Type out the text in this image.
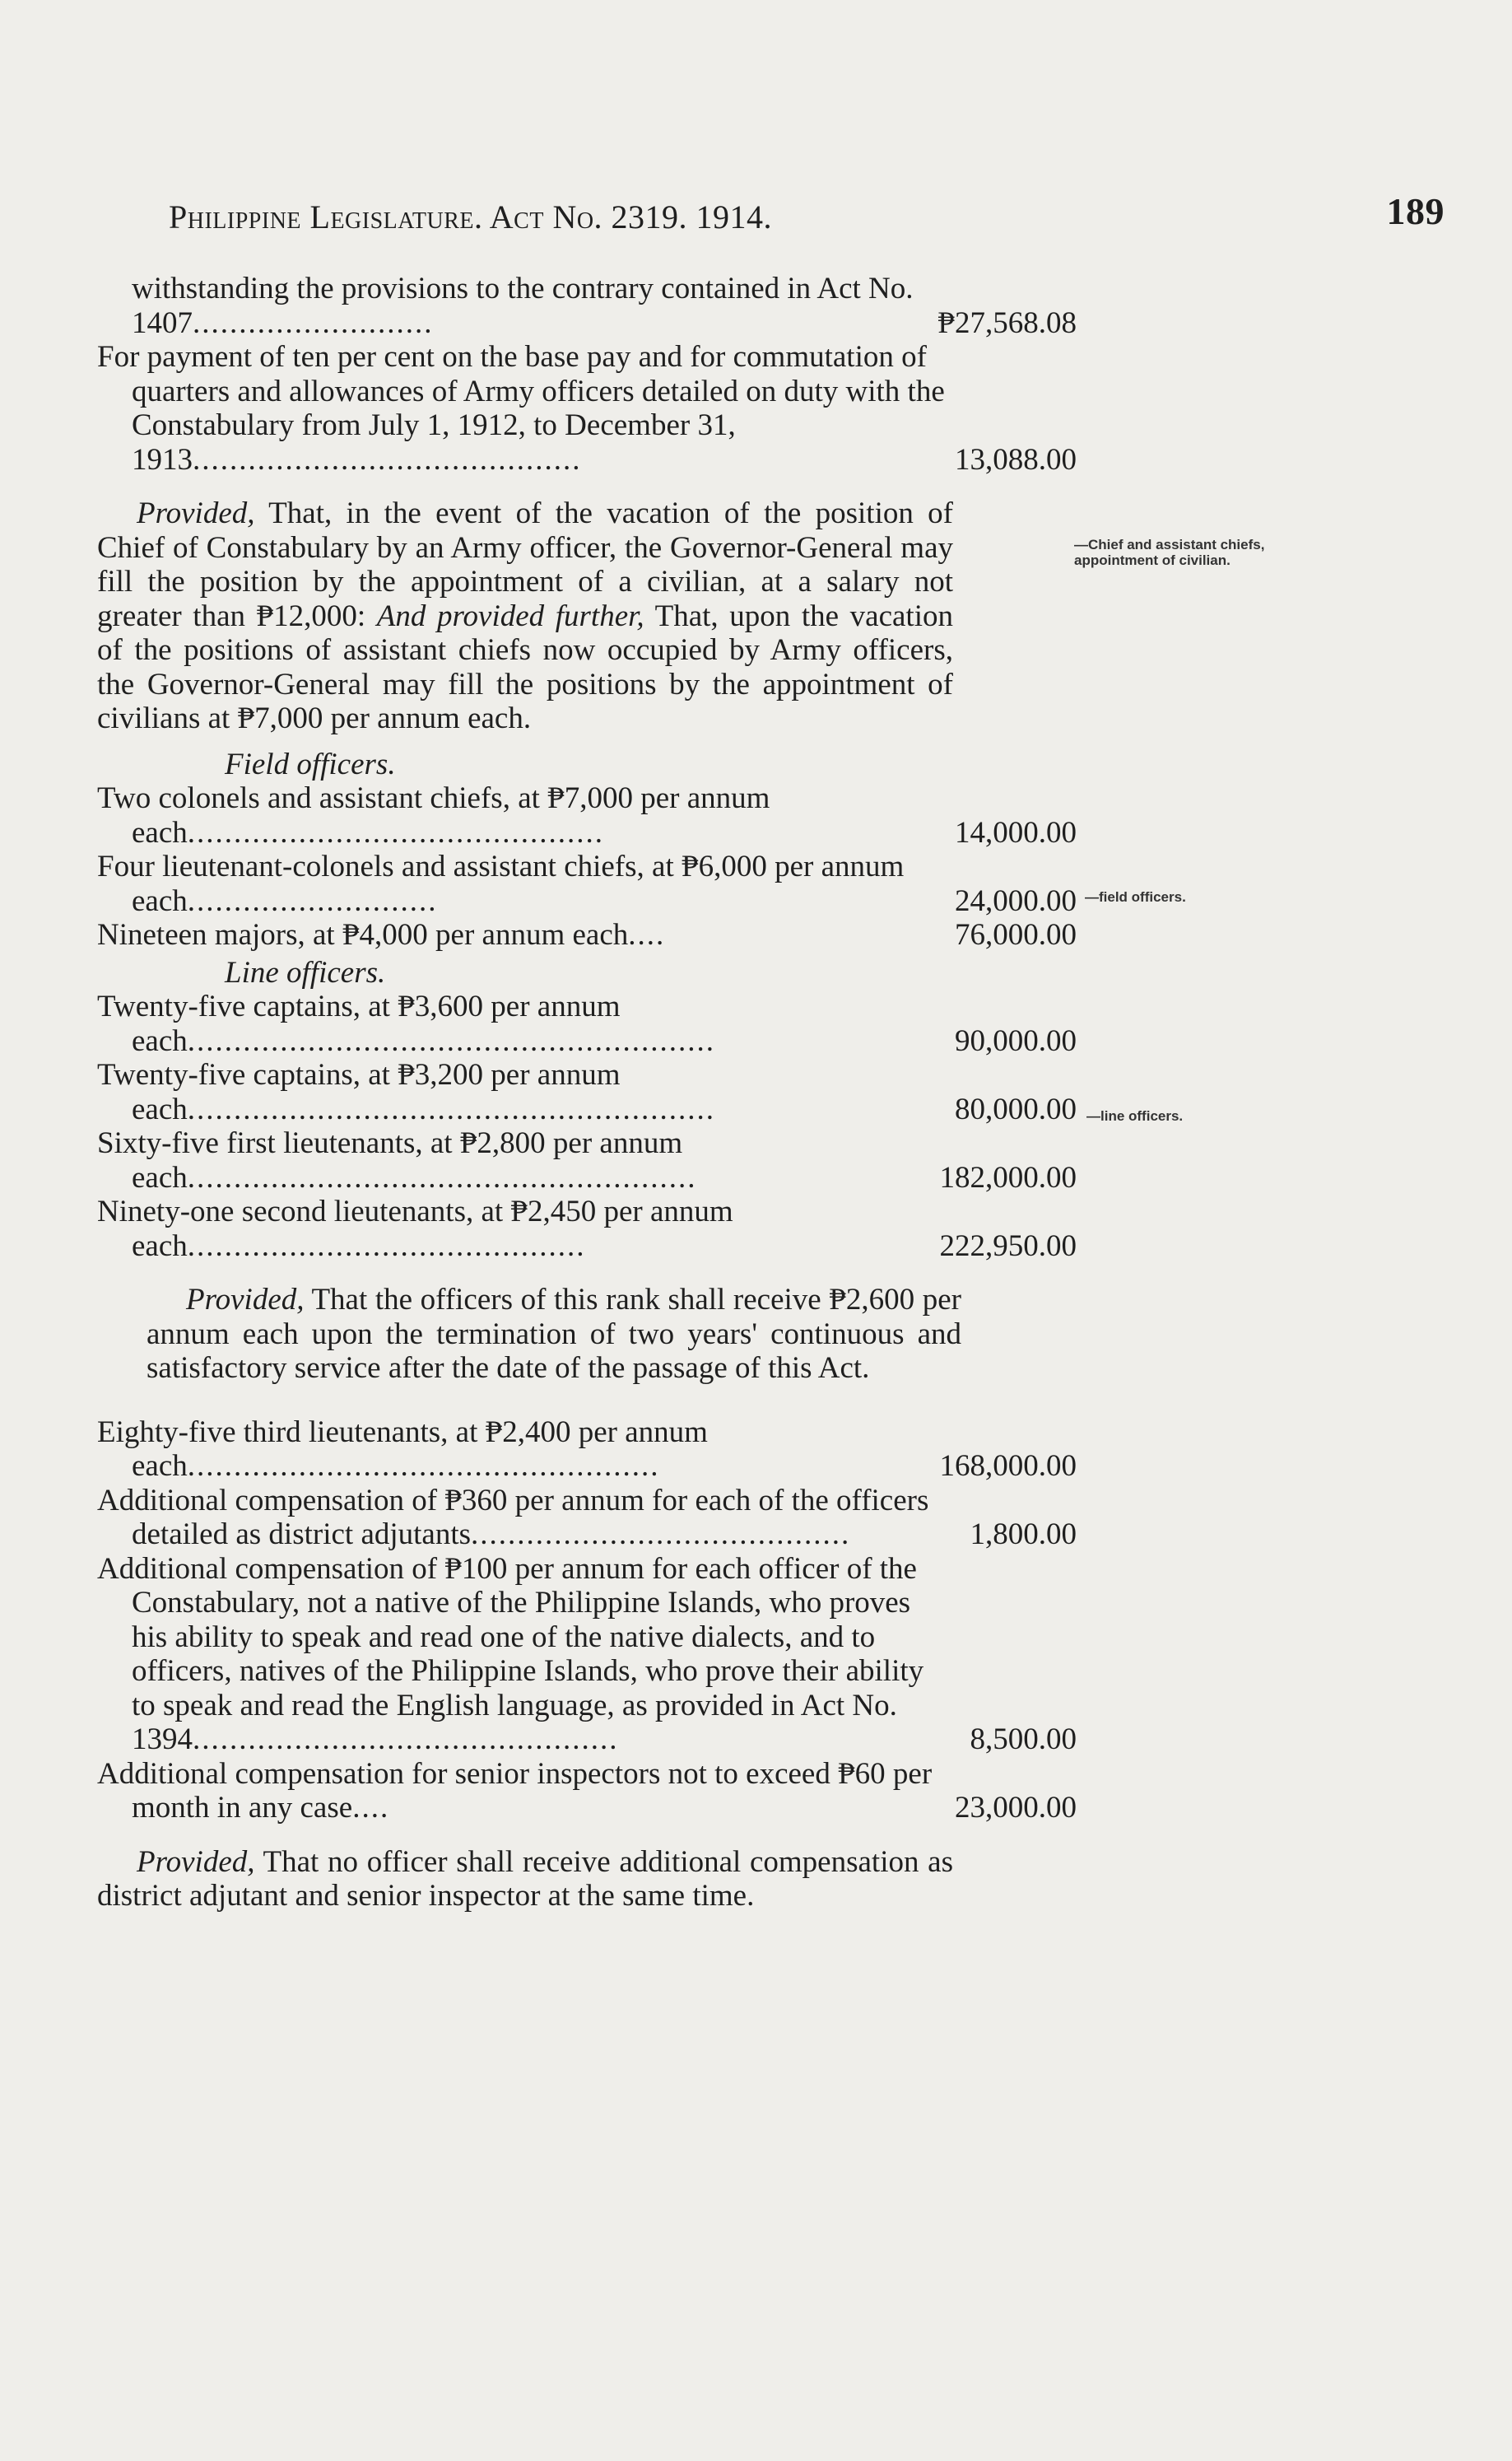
Philippine Legislature. Act No. 2319. 1914.	189
—Chief and assistant chiefs, appointment of civilian.
—field officers.
—line officers.
withstanding the provisions to the contrary contained in Act No. 1407..........................	₱27,568.08
For payment of ten per cent on the base pay and for commutation of quarters and allowances of Army officers detailed on duty with the Constabulary from July 1, 1912, to December 31, 1913..........................................	13,088.00

Provided, That, in the event of the vacation of the position of Chief of Constabulary by an Army officer, the Governor-General may fill the position by the appointment of a civilian, at a salary not greater than ₱12,000: And provided further, That, upon the vacation of the positions of assistant chiefs now occupied by Army officers, the Governor-General may fill the positions by the appointment of civilians at ₱7,000 per annum each.

Field officers.
Two colonels and assistant chiefs, at ₱7,000 per annum each.............................................	14,000.00
Four lieutenant-colonels and assistant chiefs, at ₱6,000 per annum each...........................	24,000.00
Nineteen majors, at ₱4,000 per annum each....	76,000.00
Line officers.
Twenty-five captains, at ₱3,600 per annum each.........................................................	90,000.00
Twenty-five captains, at ₱3,200 per annum each.........................................................	80,000.00
Sixty-five first lieutenants, at ₱2,800 per annum each.......................................................	182,000.00
Ninety-one second lieutenants, at ₱2,450 per annum each...........................................	222,950.00

Provided, That the officers of this rank shall receive ₱2,600 per annum each upon the termination of two years' continuous and satisfactory service after the date of the passage of this Act.

Eighty-five third lieutenants, at ₱2,400 per annum each...................................................	168,000.00
Additional compensation of ₱360 per annum for each of the officers detailed as district adjutants.........................................	1,800.00
Additional compensation of ₱100 per annum for each officer of the Constabulary, not a native of the Philippine Islands, who proves his ability to speak and read one of the native dialects, and to officers, natives of the Philippine Islands, who prove their ability to speak and read the English language, as provided in Act No. 1394..............................................	8,500.00
Additional compensation for senior inspectors not to exceed ₱60 per month in any case....	23,000.00

Provided, That no officer shall receive additional compensation as district adjutant and senior inspector at the same time.
